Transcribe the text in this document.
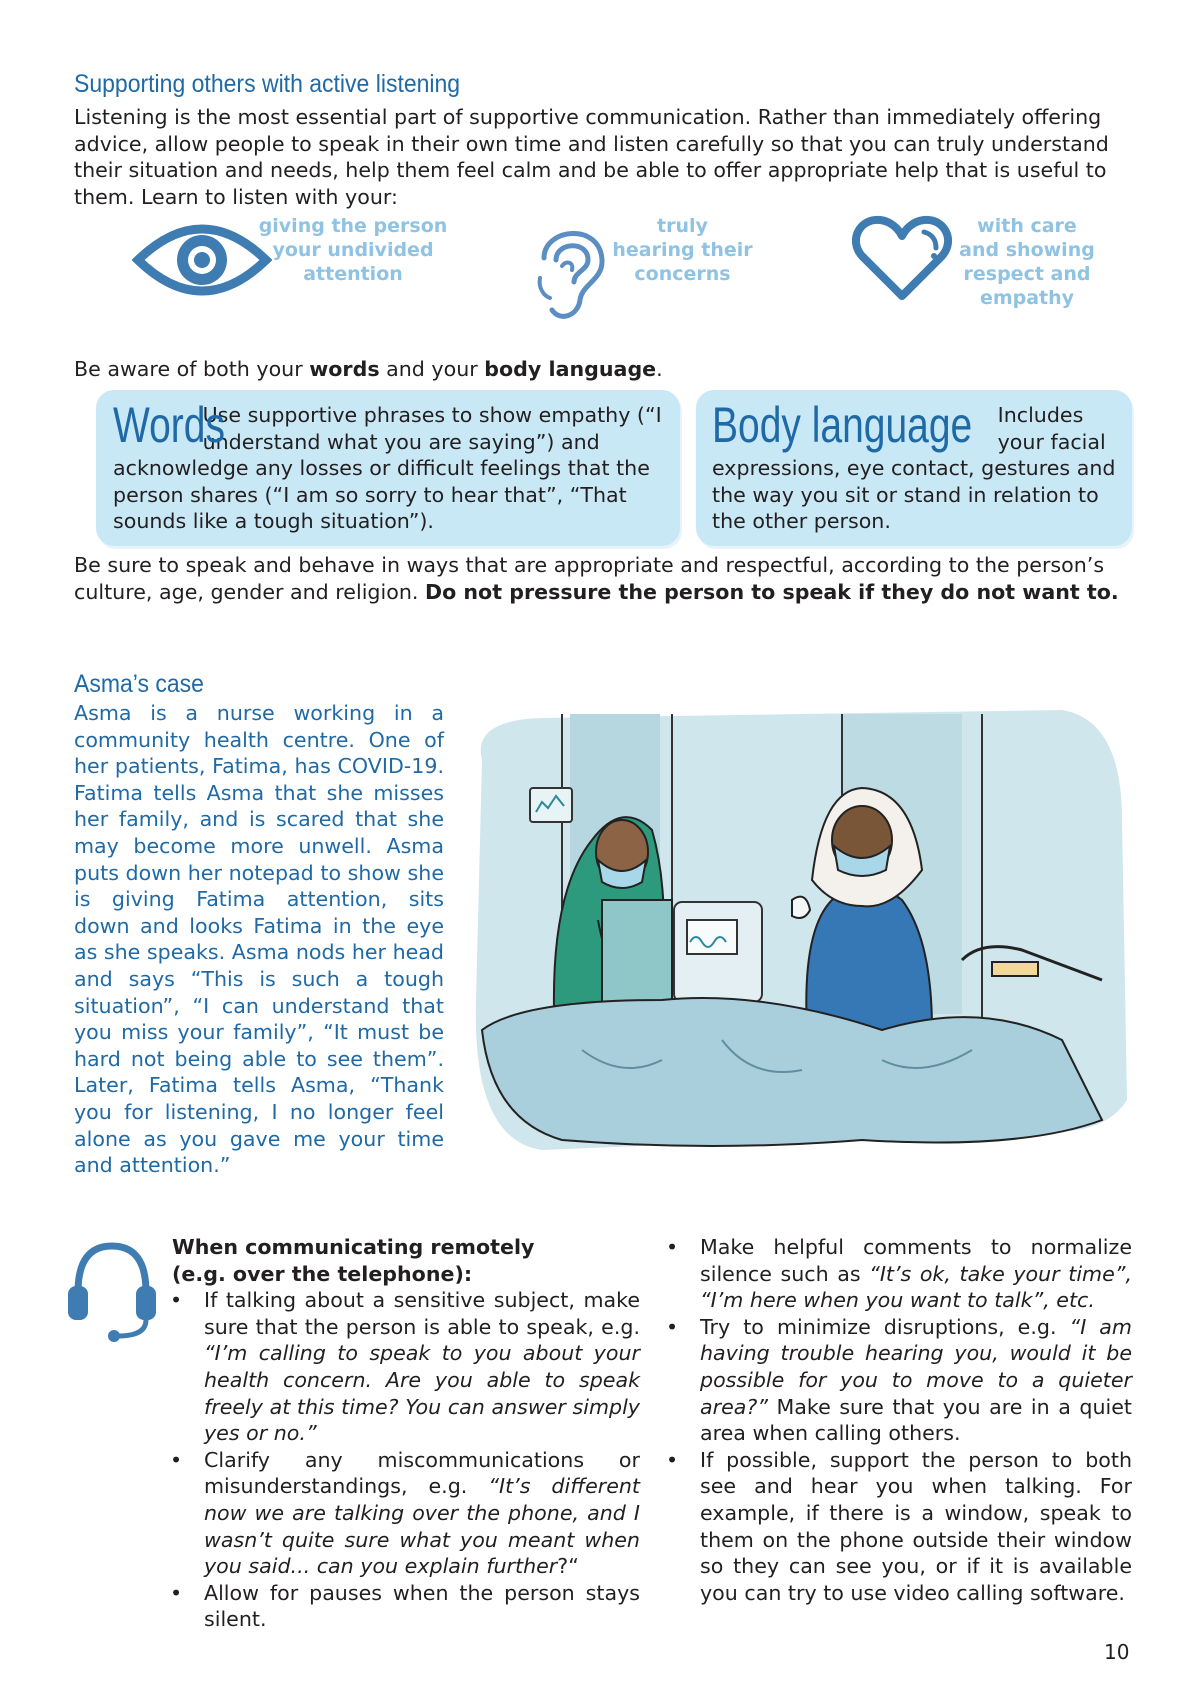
Supporting others with active listening
Listening is the most essential part of supportive communication. Rather than immediately offering advice, allow people to speak in their own time and listen carefully so that you can truly understand their situation and needs, help them feel calm and be able to offer appropriate help that is useful to them. Learn to listen with your:
giving the person
your undivided
attention
truly
hearing their
concerns
with care
and showing
respect and
empathy
Be aware of both your words and your body language.
Words
Use supportive phrases to show empathy (“I understand what you are saying”) and acknowledge any losses or difficult feelings that the person shares (“I am so sorry to hear that”, “That sounds like a tough situation”).
Body language Includes your facial expressions, eye contact, gestures and the way you sit or stand in relation to the other person.
Be sure to speak and behave in ways that are appropriate and respectful, according to the person’s culture, age, gender and religion. Do not pressure the person to speak if they do not want to.
Asma’s case
Asma is a nurse working in a community health centre. One of her patients, Fatima, has COVID-19. Fatima tells Asma that she misses her family, and is scared that she may become more unwell. Asma puts down her notepad to show she is giving Fatima attention, sits down and looks Fatima in the eye as she speaks. Asma nods her head and says “This is such a tough situation”, “I can understand that you miss your family”, “It must be hard not being able to see them”. Later, Fatima tells Asma, “Thank you for listening, I no longer feel alone as you gave me your time and attention.”
When communicating remotely
(e.g. over the telephone):
• If talking about a sensitive subject, make sure that the person is able to speak, e.g. “I’m calling to speak to you about your health concern. Are you able to speak freely at this time? You can answer simply yes or no.”
• Clarify any miscommunications or misunderstandings, e.g. “It’s different now we are talking over the phone, and I wasn’t quite sure what you meant when you said... can you explain further?“
• Allow for pauses when the person stays silent.
• Make helpful comments to normalize silence such as “It’s ok, take your time”, “I’m here when you want to talk”, etc.
• Try to minimize disruptions, e.g. “I am having trouble hearing you, would it be possible for you to move to a quieter area?” Make sure that you are in a quiet area when calling others.
• If possible, support the person to both see and hear you when talking. For example, if there is a window, speak to them on the phone outside their window so they can see you, or if it is available you can try to use video calling software.
10
